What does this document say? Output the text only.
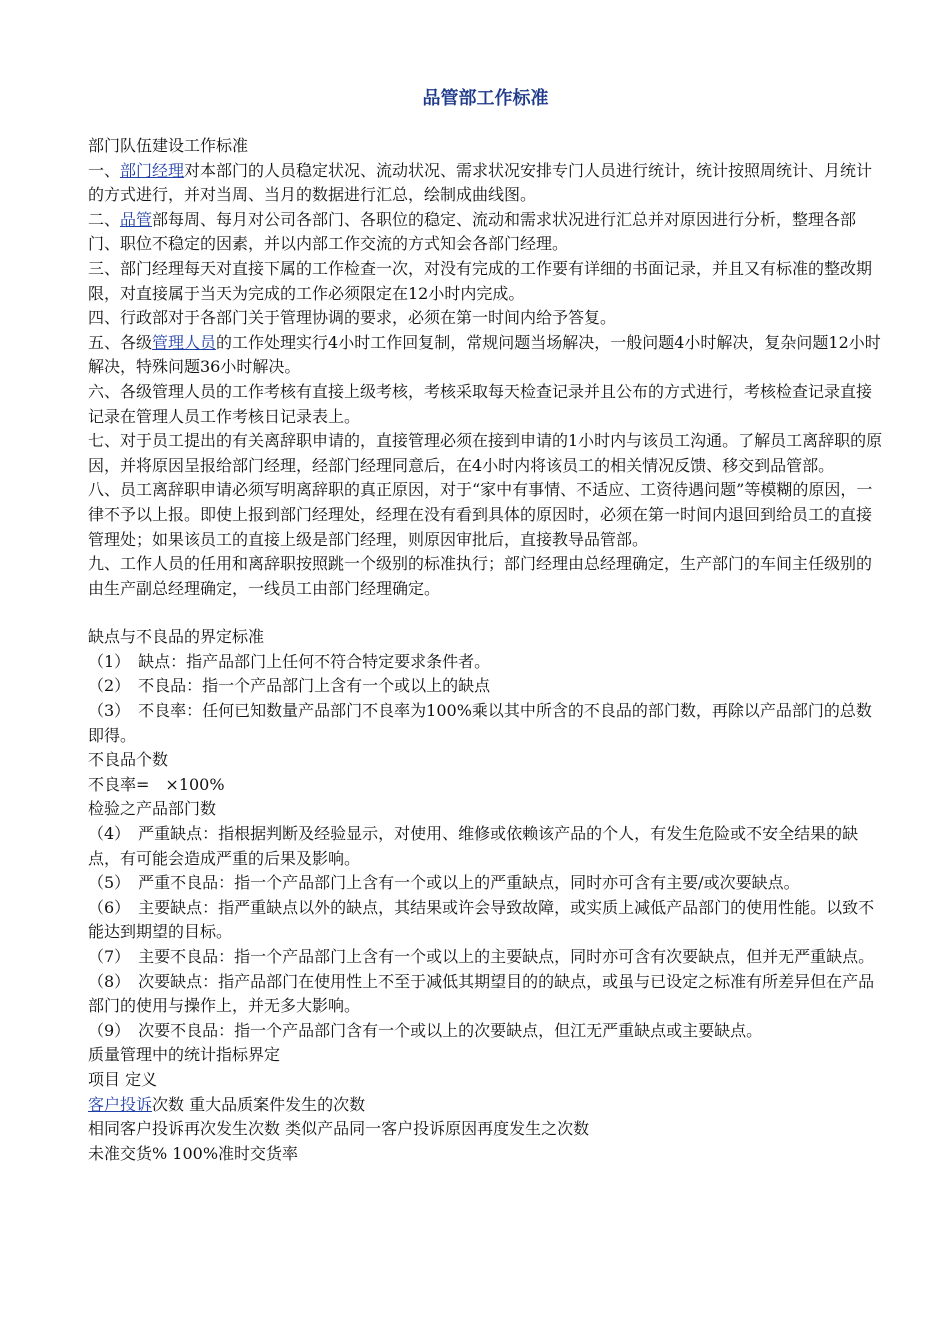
品管部工作标准

部门队伍建设工作标准

一、部门经理对本部门的人员稳定状况、流动状况、需求状况安排专门人员进行统计，统计按照周统计、月统计的方式进行，并对当周、当月的数据进行汇总，绘制成曲线图。

二、品管部每周、每月对公司各部门、各职位的稳定、流动和需求状况进行汇总并对原因进行分析，整理各部门、职位不稳定的因素，并以内部工作交流的方式知会各部门经理。

三、部门经理每天对直接下属的工作检查一次，对没有完成的工作要有详细的书面记录，并且又有标准的整改期限，对直接属于当天为完成的工作必须限定在12小时内完成。

四、行政部对于各部门关于管理协调的要求，必须在第一时间内给予答复。

五、各级管理人员的工作处理实行4小时工作回复制，常规问题当场解决，一般问题4小时解决，复杂问题12小时解决，特殊问题36小时解决。

六、各级管理人员的工作考核有直接上级考核，考核采取每天检查记录并且公布的方式进行，考核检查记录直接记录在管理人员工作考核日记录表上。

七、对于员工提出的有关离辞职申请的，直接管理必须在接到申请的1小时内与该员工沟通。了解员工离辞职的原因，并将原因呈报给部门经理，经部门经理同意后，在4小时内将该员工的相关情况反馈、移交到品管部。

八、员工离辞职申请必须写明离辞职的真正原因，对于“家中有事情、不适应、工资待遇问题”等模糊的原因，一律不予以上报。即使上报到部门经理处，经理在没有看到具体的原因时，必须在第一时间内退回到给员工的直接管理处；如果该员工的直接上级是部门经理，则原因审批后，直接教导品管部。

九、工作人员的任用和离辞职按照跳一个级别的标准执行；部门经理由总经理确定，生产部门的车间主任级别的由生产副总经理确定，一线员工由部门经理确定。

缺点与不良品的界定标准

（1）　缺点：指产品部门上任何不符合特定要求条件者。

（2）　不良品：指一个产品部门上含有一个或以上的缺点

（3）　不良率：任何已知数量产品部门不良率为100%乘以其中所含的不良品的部门数，再除以产品部门的总数即得。

不良品个数

不良率=　×100%

检验之产品部门数

（4）　严重缺点：指根据判断及经验显示，对使用、维修或依赖该产品的个人，有发生危险或不安全结果的缺点，有可能会造成严重的后果及影响。

（5）　严重不良品：指一个产品部门上含有一个或以上的严重缺点，同时亦可含有主要/或次要缺点。

（6）　主要缺点：指严重缺点以外的缺点，其结果或许会导致故障，或实质上减低产品部门的使用性能。以致不能达到期望的目标。

（7）　主要不良品：指一个产品部门上含有一个或以上的主要缺点，同时亦可含有次要缺点，但并无严重缺点。

（8）　次要缺点：指产品部门在使用性上不至于减低其期望目的的缺点，或虽与已设定之标准有所差异但在产品部门的使用与操作上，并无多大影响。

（9）　次要不良品：指一个产品部门含有一个或以上的次要缺点，但江无严重缺点或主要缺点。

质量管理中的统计指标界定

项目 定义

客户投诉次数 重大品质案件发生的次数

相同客户投诉再次发生次数 类似产品同一客户投诉原因再度发生之次数

未准交货% 100%准时交货率
